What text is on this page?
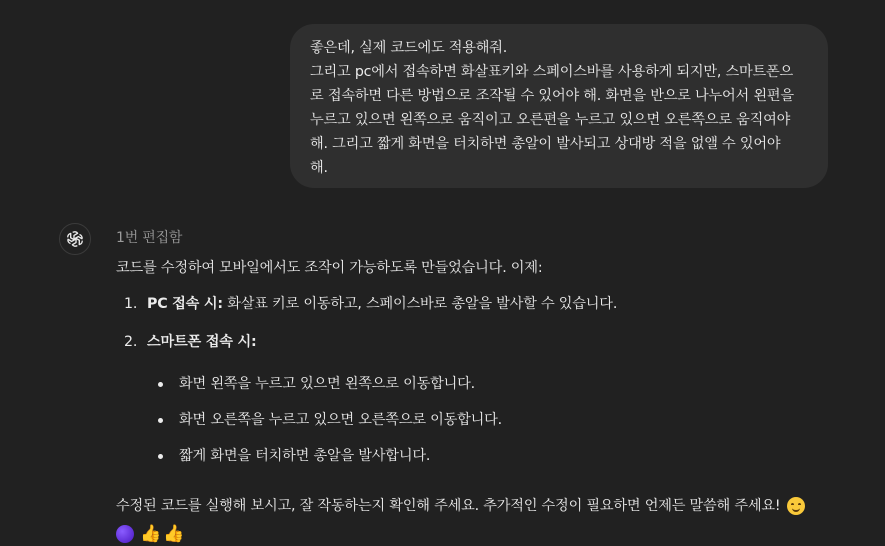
좋은데, 실제 코드에도 적용해줘.

그리고 pc에서 접속하면 화살표키와 스페이스바를 사용하게 되지만, 스마트폰으

로 접속하면 다른 방법으로 조작될 수 있어야 해. 화면을 반으로 나누어서 왼편을

누르고 있으면 왼쪽으로 움직이고 오른편을 누르고 있으면 오른쪽으로 움직여야

해. 그리고 짧게 화면을 터치하면 총알이 발사되고 상대방 적을 없앨 수 있어야

해.

1번 편집함
코드를 수정하여 모바일에서도 조작이 가능하도록 만들었습니다. 이제:
1. PC 접속 시: 화살표 키로 이동하고, 스페이스바로 총알을 발사할 수 있습니다.
2. 스마트폰 접속 시:
화면 왼쪽을 누르고 있으면 왼쪽으로 이동합니다.
화면 오른쪽을 누르고 있으면 오른쪽으로 이동합니다.
짧게 화면을 터치하면 총알을 발사합니다.
수정된 코드를 실행해 보시고, 잘 작동하는지 확인해 주세요. 추가적인 수정이 필요하면 언제든 말씀해 주세요!

👍 👍
